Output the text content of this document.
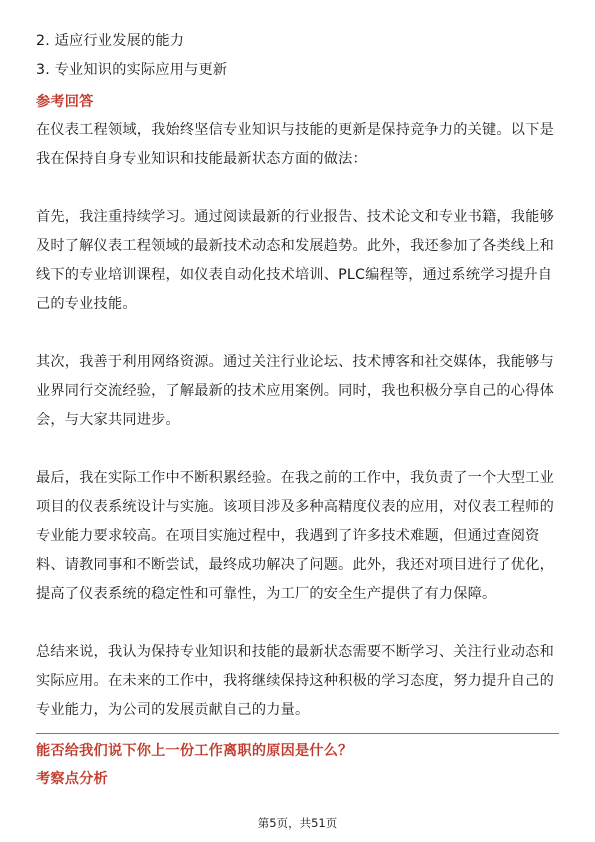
2. 适应行业发展的能力
3. 专业知识的实际应用与更新
参考回答
在仪表工程领域，我始终坚信专业知识与技能的更新是保持竞争力的关键。以下是
我在保持自身专业知识和技能最新状态方面的做法：
首先，我注重持续学习。通过阅读最新的行业报告、技术论文和专业书籍，我能够
及时了解仪表工程领域的最新技术动态和发展趋势。此外，我还参加了各类线上和
线下的专业培训课程，如仪表自动化技术培训、PLC编程等，通过系统学习提升自
己的专业技能。
其次，我善于利用网络资源。通过关注行业论坛、技术博客和社交媒体，我能够与
业界同行交流经验，了解最新的技术应用案例。同时，我也积极分享自己的心得体
会，与大家共同进步。
最后，我在实际工作中不断积累经验。在我之前的工作中，我负责了一个大型工业
项目的仪表系统设计与实施。该项目涉及多种高精度仪表的应用，对仪表工程师的
专业能力要求较高。在项目实施过程中，我遇到了许多技术难题，但通过查阅资
料、请教同事和不断尝试，最终成功解决了问题。此外，我还对项目进行了优化，
提高了仪表系统的稳定性和可靠性，为工厂的安全生产提供了有力保障。
总结来说，我认为保持专业知识和技能的最新状态需要不断学习、关注行业动态和
实际应用。在未来的工作中，我将继续保持这种积极的学习态度，努力提升自己的
专业能力，为公司的发展贡献自己的力量。
能否给我们说下你上一份工作离职的原因是什么？
考察点分析
第5页，共51页
